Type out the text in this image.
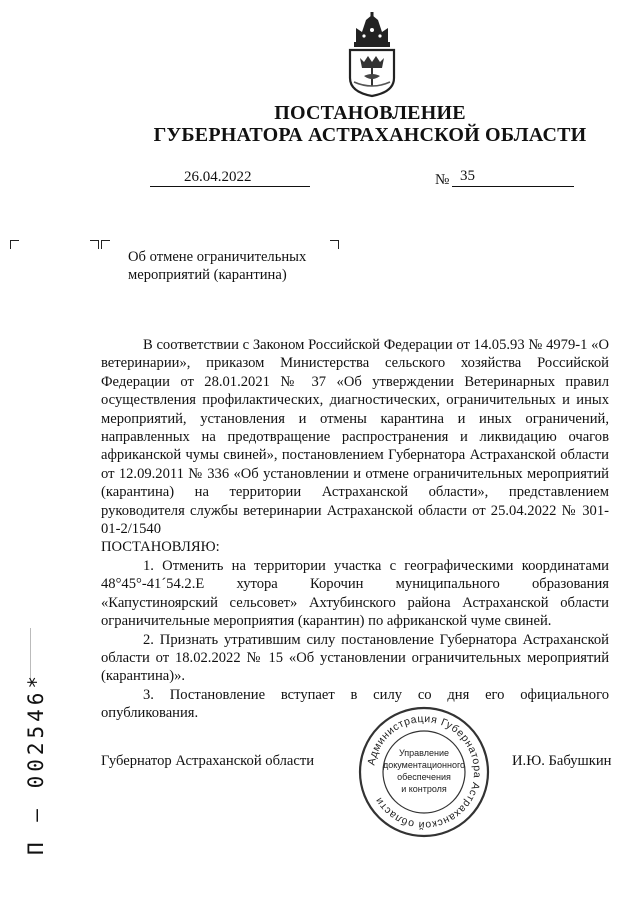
ПОСТАНОВЛЕНИЕ
ГУБЕРНАТОРА АСТРАХАНСКОЙ ОБЛАСТИ
26.04.2022	№ 35
Об отмене ограничительных
мероприятий (карантина)

В соответствии с Законом Российской Федерации от 14.05.93 № 4979-1 «О ветеринарии», приказом Министерства сельского хозяйства Российской Федерации от 28.01.2021 № 37 «Об утверждении Ветеринарных правил осуществления профилактических, диагностических, ограничительных и иных мероприятий, установления и отмены карантина и иных ограничений, направленных на предотвращение распространения и ликвидацию очагов африканской чумы свиней», постановлением Губернатора Астраханской области от 12.09.2011 № 336 «Об установлении и отмене ограничительных мероприятий (карантина) на территории Астраханской области», представлением руководителя службы ветеринарии Астраханской области от 25.04.2022 № 301-01-2/1540

ПОСТАНОВЛЯЮ:

1. Отменить на территории участка с географическими координатами 48°45°-41´54.2.E хутора Корочин муниципального образования «Капустиноярский сельсовет» Ахтубинского района Астраханской области ограничительные мероприятия (карантин) по африканской чуме свиней.

2. Признать утратившим силу постановление Губернатора Астраханской области от 18.02.2022 № 15 «Об установлении ограничительных мероприятий (карантина)».

3. Постановление вступает в силу со дня его официального опубликования.

Губернатор Астраханской области	И.Ю. Бабушкин
Администрация Губернатора Астраханской области
Управление
документационного
обеспечения
и контроля
П – 002546*
